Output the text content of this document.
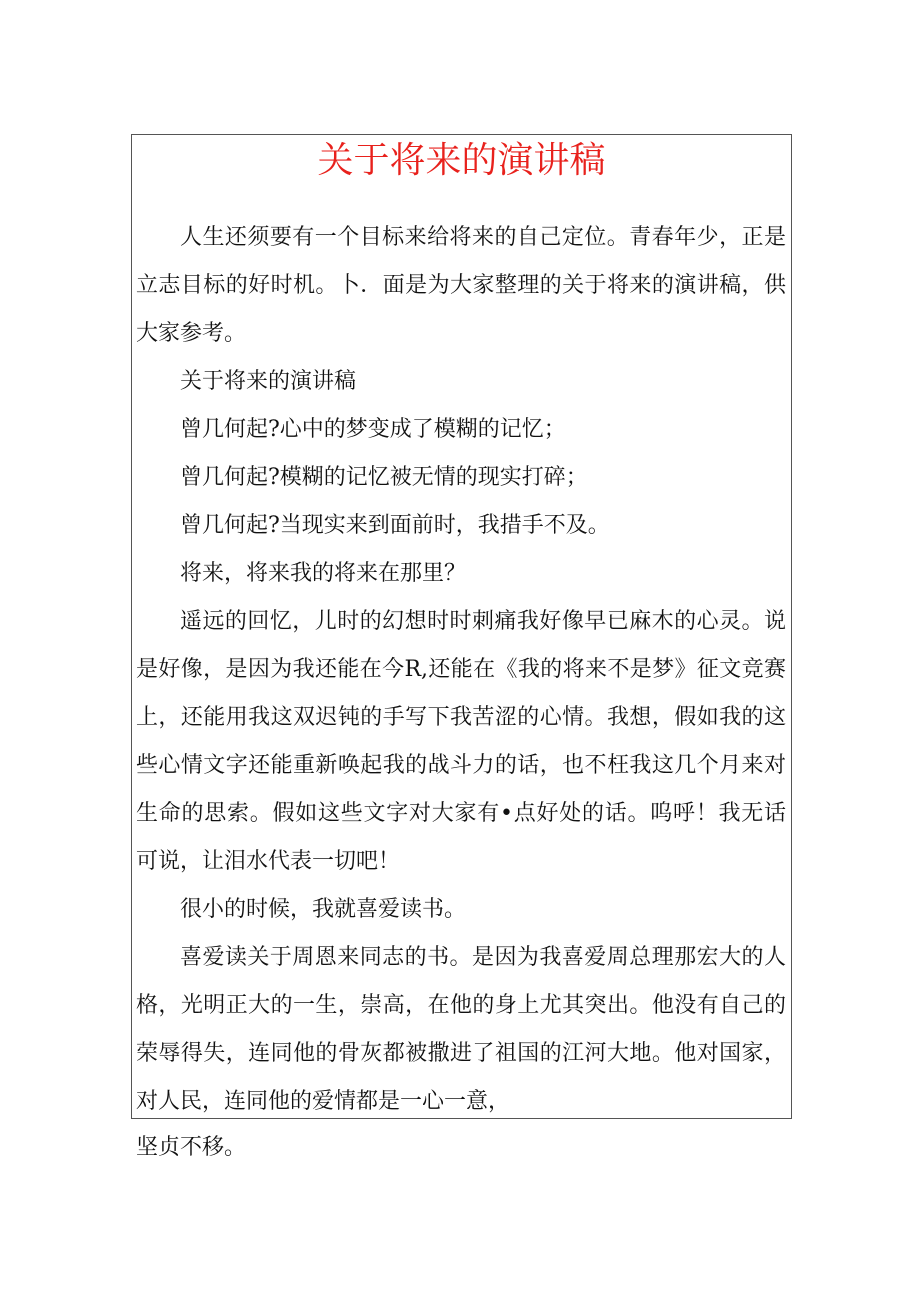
关于将来的演讲稿

人生还须要有一个目标来给将来的自己定位。青春年少，正是立志目标的好时机。卜．面是为大家整理的关于将来的演讲稿，供大家参考。

关于将来的演讲稿

曾几何起?心中的梦变成了模糊的记忆；

曾几何起?模糊的记忆被无情的现实打碎；

曾几何起?当现实来到面前时，我措手不及。

将来，将来我的将来在那里？

遥远的回忆，儿时的幻想时时刺痛我好像早已麻木的心灵。说是好像，是因为我还能在今R,还能在《我的将来不是梦》征文竞赛上，还能用我这双迟钝的手写下我苦涩的心情。我想，假如我的这些心情文字还能重新唤起我的战斗力的话，也不枉我这几个月来对生命的思索。假如这些文字对大家有•点好处的话。呜呼！我无话可说，让泪水代表一切吧！

很小的时候，我就喜爱读书。

喜爱读关于周恩来同志的书。是因为我喜爱周总理那宏大的人格，光明正大的一生，崇高，在他的身上尤其突出。他没有自己的荣辱得失，连同他的骨灰都被撒进了祖国的江河大地。他对国家，对人民，连同他的爱情都是一心一意，

坚贞不移。
